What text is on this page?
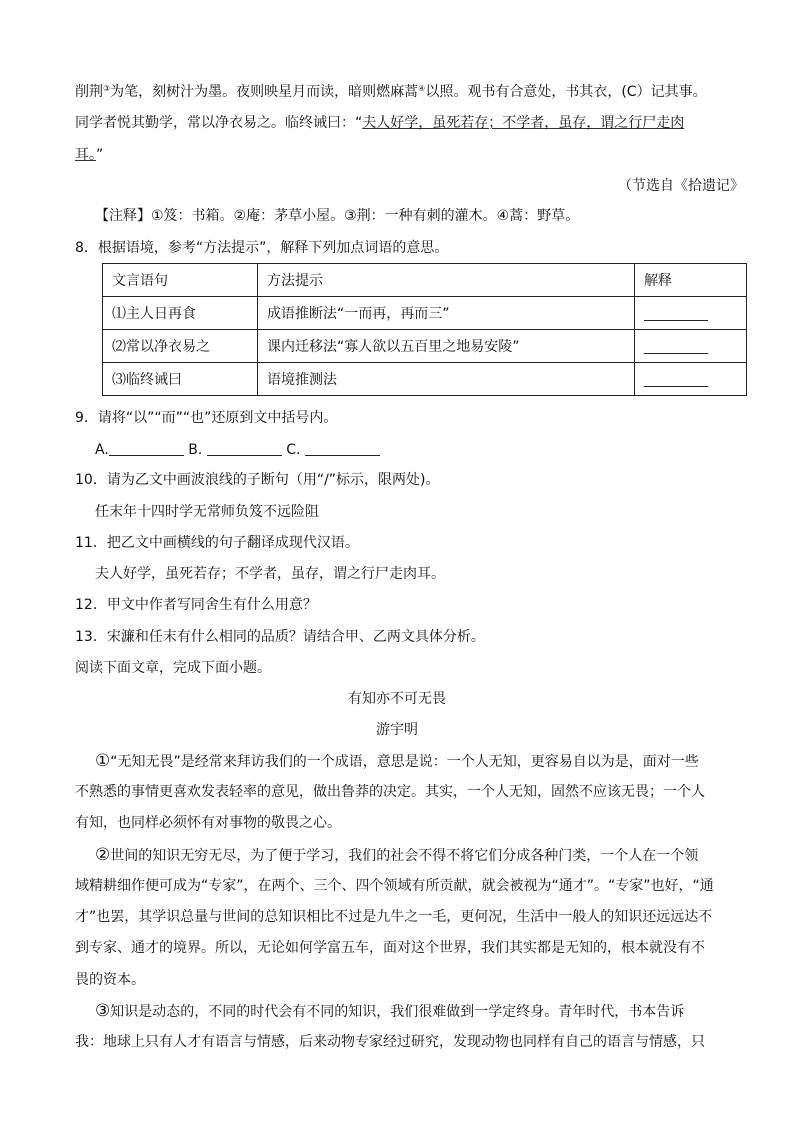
削荆③为笔，刻树汁为墨。夜则映星月而读，暗则燃麻蒿④以照。观书有合意处，书其衣，(C）记其事。
同学者悦其勤学，常以净衣易之。临终诫曰：“夫人好学，虽死若存；不学者，虽存，谓之行尸走肉
耳。”
（节选自《拾遗记》
【注释】①笈：书箱。②庵：茅草小屋。③荆：一种有刺的灌木。④蒿：野草。
8．根据语境，参考“方法提示”，解释下列加点词语的意思。
文言语句	方法提示	解释
⑴主人日再食	成语推断法“一而再，再而三”	
⑵常以净衣易之	课内迁移法“寡人欲以五百里之地易安陵”	
⑶临终诫曰	语境推测法	
9．请将“以”“而”“也”还原到文中括号内。
A.	B.	C.
10．请为乙文中画波浪线的子断句（用“/”标示，限两处)。
任末年十四时学无常师负笈不远险阻
11．把乙文中画横线的句子翻译成现代汉语。
夫人好学，虽死若存；不学者，虽存，谓之行尸走肉耳。
12．甲文中作者写同舍生有什么用意？
13．宋濂和任末有什么相同的品质？请结合甲、乙两文具体分析。
阅读下面文章，完成下面小题。
有知亦不可无畏
游宇明
①“无知无畏”是经常来拜访我们的一个成语，意思是说：一个人无知，更容易自以为是，面对一些
不熟悉的事情更喜欢发表轻率的意见，做出鲁莽的决定。其实，一个人无知，固然不应该无畏；一个人
有知，也同样必须怀有对事物的敬畏之心。
②世间的知识无穷无尽，为了便于学习，我们的社会不得不将它们分成各种门类，一个人在一个领
域精耕细作便可成为“专家”，在两个、三个、四个领域有所贡献，就会被视为“通才”。“专家”也好，“通
才”也罢，其学识总量与世间的总知识相比不过是九牛之一毛，更何况，生活中一般人的知识还远远达不
到专家、通才的境界。所以，无论如何学富五车，面对这个世界，我们其实都是无知的，根本就没有不
畏的资本。
③知识是动态的，不同的时代会有不同的知识，我们很难做到一学定终身。青年时代，书本告诉
我：地球上只有人才有语言与情感，后来动物专家经过研究，发现动物也同样有自己的语言与情感，只
